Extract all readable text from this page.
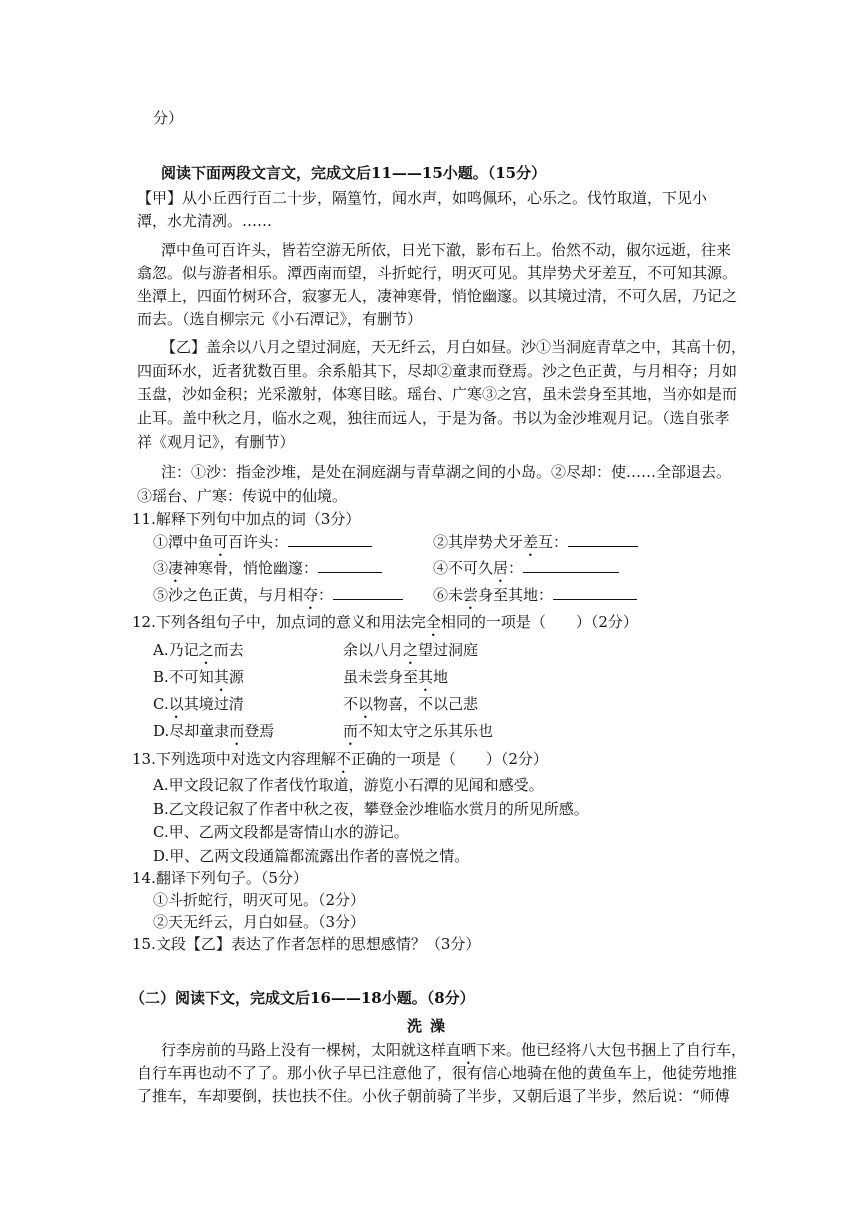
分）
阅读下面两段文言文，完成文后11——15小题。（15分）
【甲】从小丘西行百二十步，隔篁竹，闻水声，如鸣佩环，心乐之。伐竹取道，下见小
潭，水尤清冽。……
潭中鱼可百许头，皆若空游无所依，日光下澈，影布石上。佁然不动，俶尔远逝，往来
翕忽。似与游者相乐。潭西南而望，斗折蛇行，明灭可见。其岸势犬牙差互，不可知其源。
坐潭上，四面竹树环合，寂寥无人，凄神寒骨，悄怆幽邃。以其境过清，不可久居，乃记之
而去。（选自柳宗元《小石潭记》，有删节）
【乙】盖余以八月之望过洞庭，天无纤云，月白如昼。沙①当洞庭青草之中，其高十仞，
四面环水，近者犹数百里。余系船其下，尽却②童隶而登焉。沙之色正黄，与月相夺；月如
玉盘，沙如金积；光采激射，体寒目眩。瑶台、广寒③之宫，虽未尝身至其地，当亦如是而
止耳。盖中秋之月，临水之观，独往而远人，于是为备。书以为金沙堆观月记。（选自张孝
祥《观月记》，有删节）
注：①沙：指金沙堆，是处在洞庭湖与青草湖之间的小岛。②尽却：使……全部退去。
③瑶台、广寒：传说中的仙境。
11.解释下列句中加点的词（3分）
①潭中鱼可百许头：	②其岸势犬牙差互：
③凄神寒骨，悄怆幽邃：	④不可久居：
⑤沙之色正黄，与月相夺：	⑥未尝身至其地：
12.下列各组句子中，加点词的意义和用法完全相同的一项是（　　）（2分）
A.乃记之而去	余以八月之望过洞庭
B.不可知其源	虽未尝身至其地
C.以其境过清	不以物喜，不以己悲
D.尽却童隶而登焉	而不知太守之乐其乐也
13.下列选项中对选文内容理解不正确的一项是（　　）（2分）
A.甲文段记叙了作者伐竹取道，游览小石潭的见闻和感受。
B.乙文段记叙了作者中秋之夜，攀登金沙堆临水赏月的所见所感。
C.甲、乙两文段都是寄情山水的游记。
D.甲、乙两文段通篇都流露出作者的喜悦之情。
14.翻译下列句子。（5分）
①斗折蛇行，明灭可见。（2分）
②天无纤云，月白如昼。（3分）
15.文段【乙】表达了作者怎样的思想感情？（3分）
（二）阅读下文，完成文后16——18小题。（8分）
洗澡
行李房前的马路上没有一棵树，太阳就这样直晒下来。他已经将八大包书捆上了自行车，
自行车再也动不了了。那小伙子早已注意他了，很有信心地骑在他的黄鱼车上，他徒劳地推
了推车，车却要倒，扶也扶不住。小伙子朝前骑了半步，又朝后退了半步，然后说：“师傅
